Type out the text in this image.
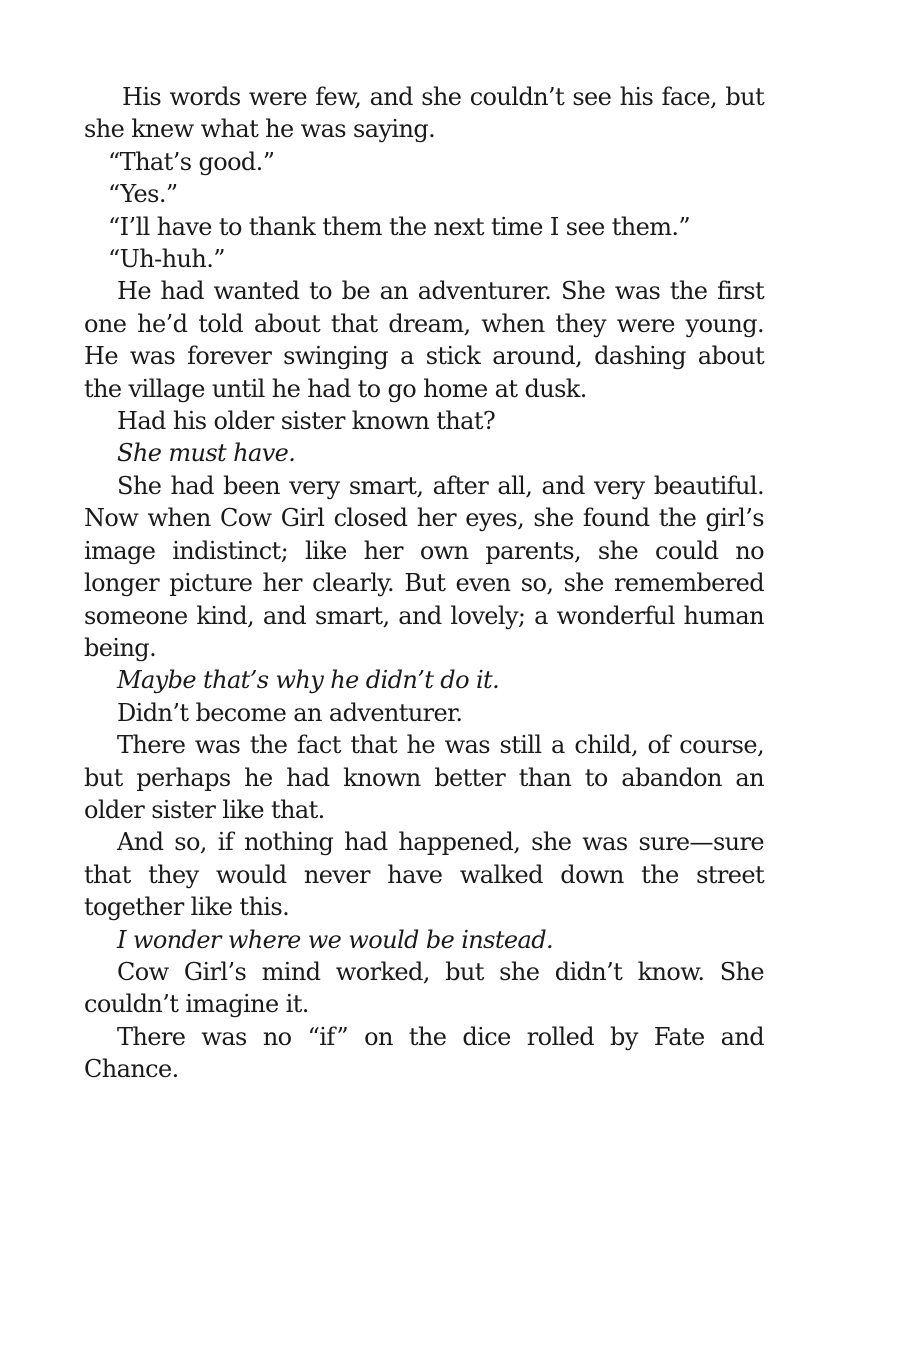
His words were few, and she couldn’t see his face, but she knew what he was saying.

“That’s good.”

“Yes.”

“I’ll have to thank them the next time I see them.”

“Uh-huh.”

He had wanted to be an adventurer. She was the first one he’d told about that dream, when they were young. He was forever swinging a stick around, dashing about the village until he had to go home at dusk.

Had his older sister known that?

She must have.

She had been very smart, after all, and very beautiful. Now when Cow Girl closed her eyes, she found the girl’s image indistinct; like her own parents, she could no longer picture her clearly. But even so, she remembered someone kind, and smart, and lovely; a wonderful human being.

Maybe that’s why he didn’t do it.

Didn’t become an adventurer.

There was the fact that he was still a child, of course, but perhaps he had known better than to abandon an older sister like that.

And so, if nothing had happened, she was sure—sure that they would never have walked down the street together like this.

I wonder where we would be instead.

Cow Girl’s mind worked, but she didn’t know. She couldn’t imagine it.

There was no “if” on the dice rolled by Fate and Chance.
